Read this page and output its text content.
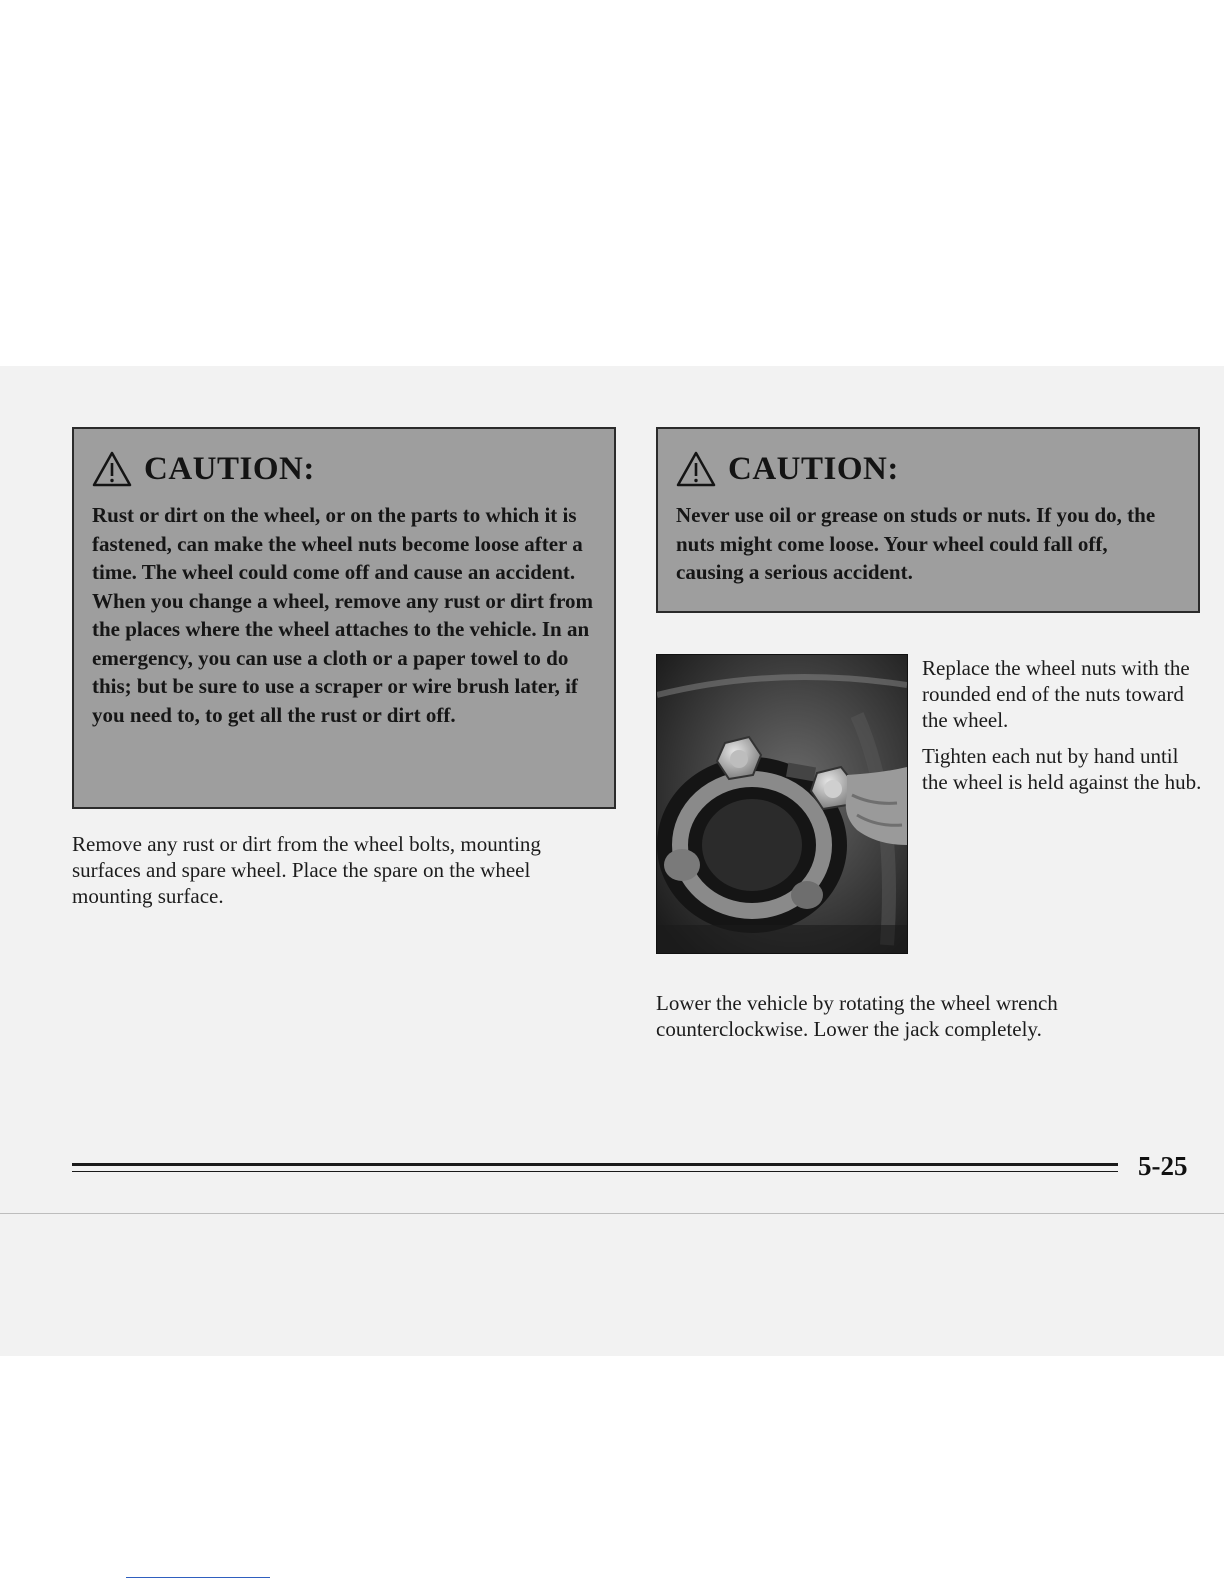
CAUTION:
Rust or dirt on the wheel, or on the parts to which it is fastened, can make the wheel nuts become loose after a time. The wheel could come off and cause an accident. When you change a wheel, remove any rust or dirt from the places where the wheel attaches to the vehicle. In an emergency, you can use a cloth or a paper towel to do this; but be sure to use a scraper or wire brush later, if you need to, to get all the rust or dirt off.
CAUTION:
Never use oil or grease on studs or nuts. If you do, the nuts might come loose. Your wheel could fall off, causing a serious accident.
Remove any rust or dirt from the wheel bolts, mounting surfaces and spare wheel. Place the spare on the wheel mounting surface.
Replace the wheel nuts with the rounded end of the nuts toward the wheel.
Tighten each nut by hand until the wheel is held against the hub.
Lower the vehicle by rotating the wheel wrench counterclockwise. Lower the jack completely.
5-25
